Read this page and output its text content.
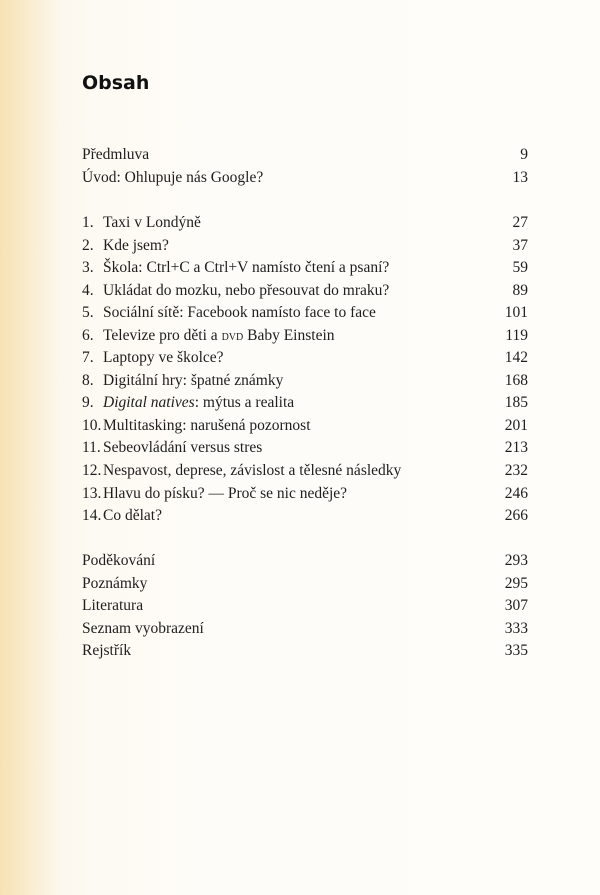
Obsah
Předmluva	9
Úvod: Ohlupuje nás Google?	13
1. Taxi v Londýně	27
2. Kde jsem?	37
3. Škola: Ctrl+C a Ctrl+V namísto čtení a psaní?	59
4. Ukládat do mozku, nebo přesouvat do mraku?	89
5. Sociální sítě: Facebook namísto face to face	101
6. Televize pro děti a dvd Baby Einstein	119
7. Laptopy ve školce?	142
8. Digitální hry: špatné známky	168
9. Digital natives: mýtus a realita	185
10. Multitasking: narušená pozornost	201
11. Sebeovládání versus stres	213
12. Nespavost, deprese, závislost a tělesné následky	232
13. Hlavu do písku? — Proč se nic neděje?	246
14. Co dělat?	266
Poděkování	293
Poznámky	295
Literatura	307
Seznam vyobrazení	333
Rejstřík	335
